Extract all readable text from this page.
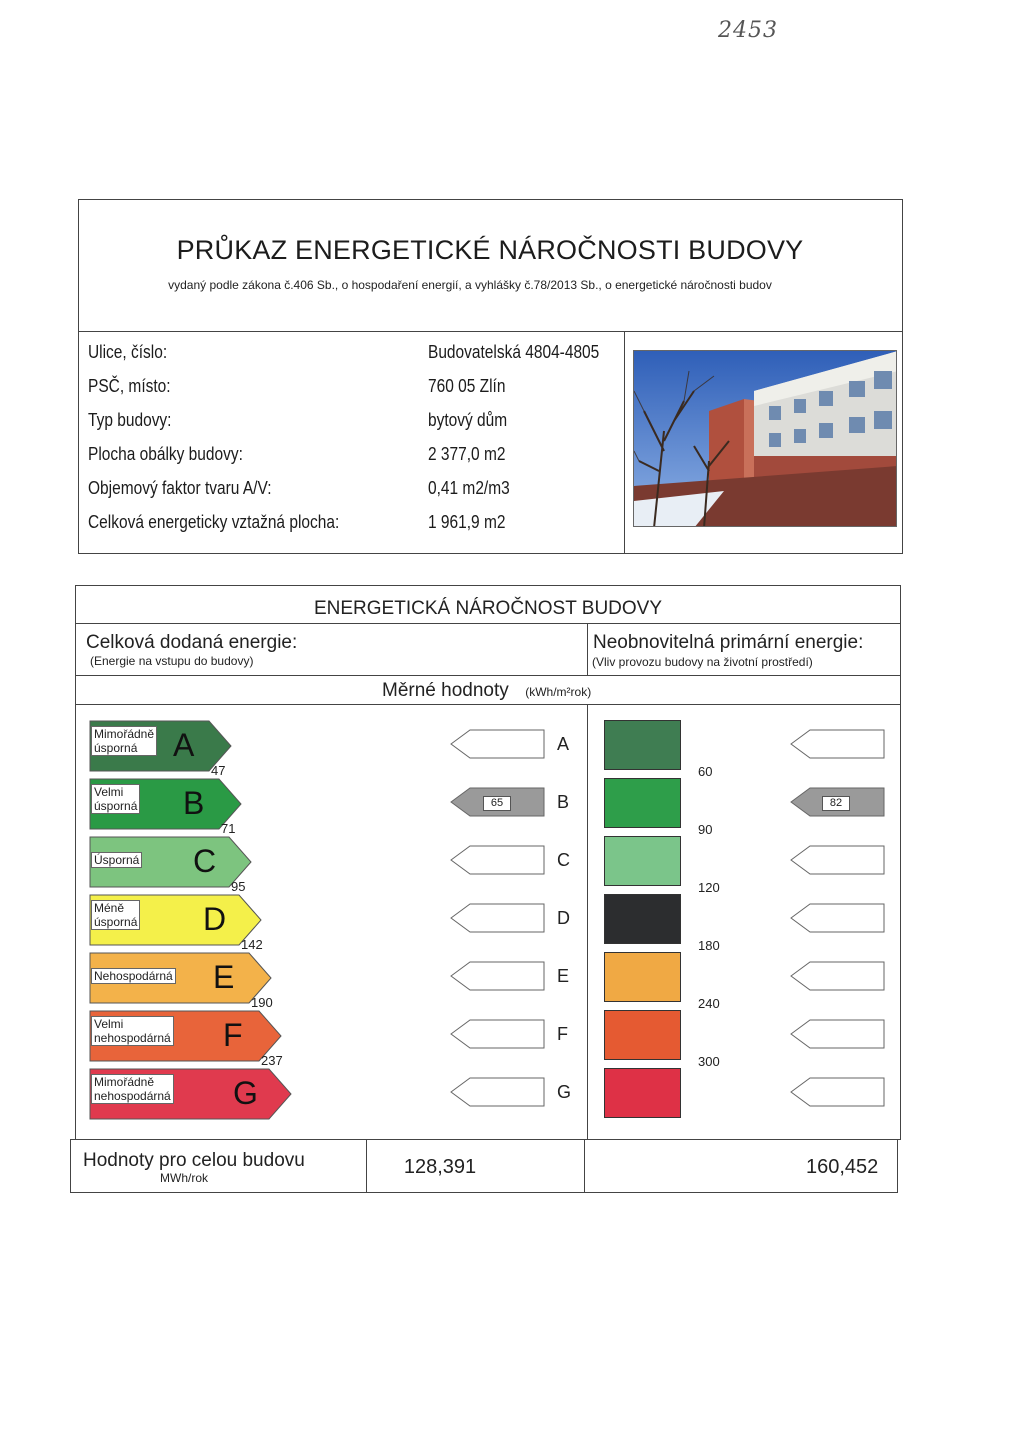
2453
PRŮKAZ ENERGETICKÉ NÁROČNOSTI BUDOVY
vydaný podle zákona č.406 Sb., o hospodaření energií, a vyhlášky č.78/2013 Sb., o energetické náročnosti budov
Ulice, číslo:	Budovatelská 4804-4805
PSČ, místo:	760 05 Zlín
Typ budovy:	bytový dům
Plocha obálky budovy:	2 377,0 m2
Objemový faktor tvaru A/V:	0,41 m2/m3
Celková energeticky vztažná plocha:	1 961,9 m2
ENERGETICKÁ NÁROČNOST BUDOVY
Celková dodaná energie:
(Energie na vstupu do budovy)
Neobnovitelná primární energie:
(Vliv provozu budovy na životní prostředí)
Měrné hodnoty (kWh/m²rok)
Mimořádně
úsporná	A
47
A
60
Velmi
úsporná B
71
65	B
90
82
Úsporná C
95
C
120
Méně
úsporná D
142
D
180
Nehospodárná E
190
E
240
Velmi
nehospodárná F
237
F
300
Mimořádně
nehospodárná G	G
Hodnoty pro celou budovu
MWh/rok	128,391	160,452
